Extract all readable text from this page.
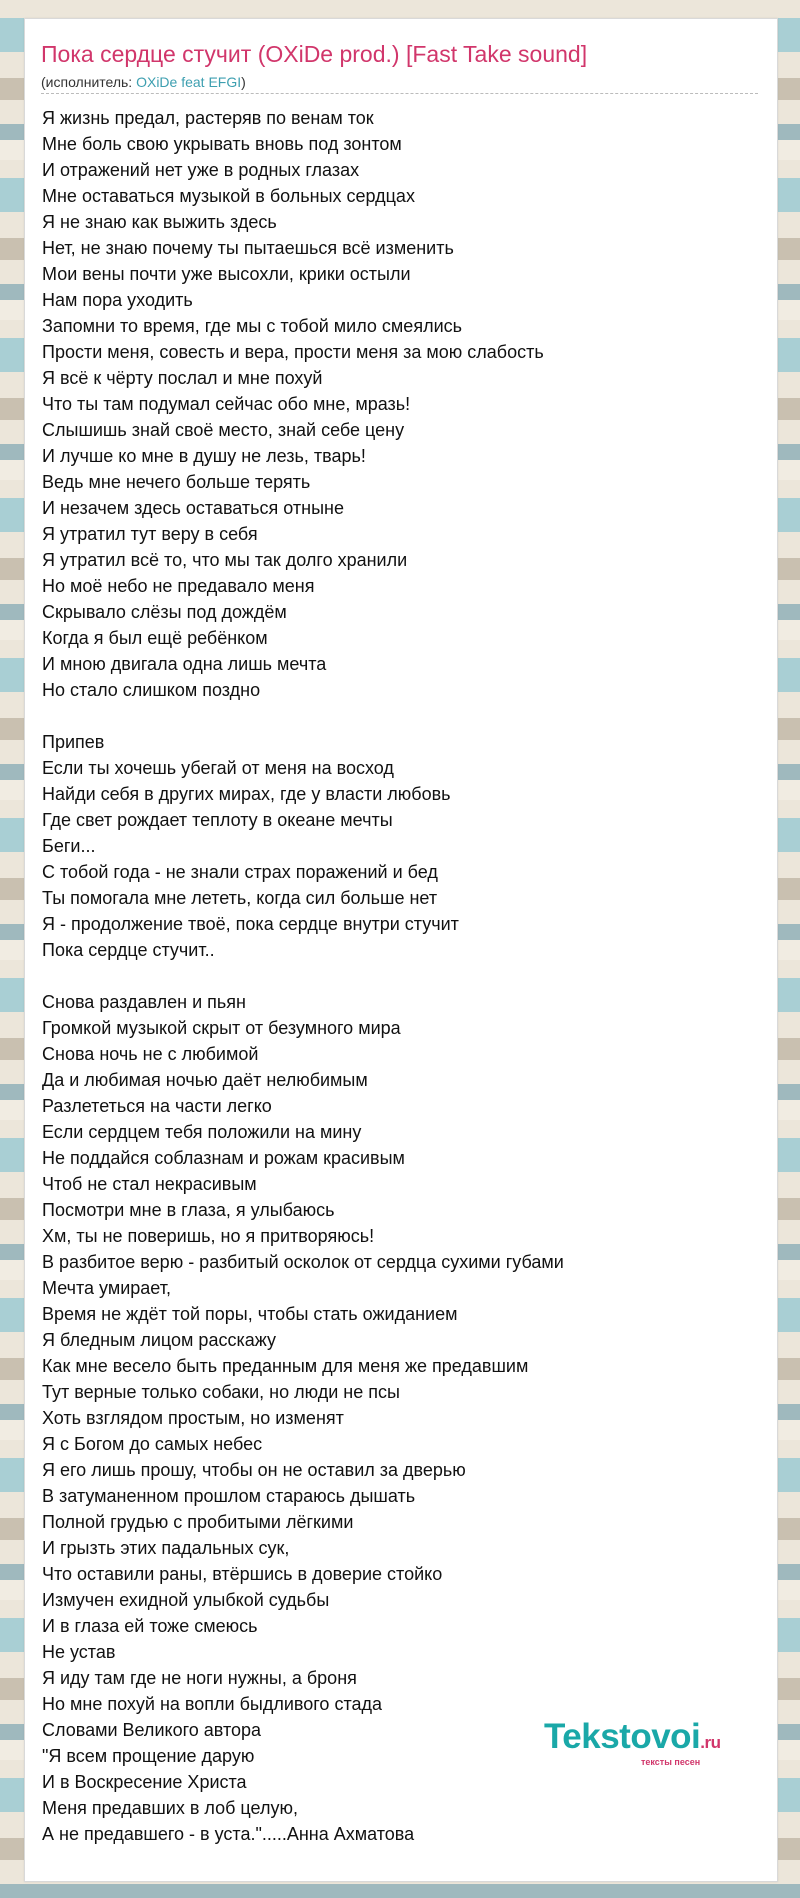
Пока сердце стучит (OXiDe prod.) [Fast Take sound]
(исполнитель: OXiDe feat EFGI)
Я жизнь предал, растеряв по венам ток
Мне боль свою укрывать вновь под зонтом
И отражений нет уже в родных глазах
Мне оставаться музыкой в больных сердцах
Я не знаю как выжить здесь
Нет, не знаю почему ты пытаешься всё изменить
Мои вены почти уже высохли, крики остыли
Нам пора уходить
Запомни то время, где мы с тобой мило смеялись
Прости меня, совесть и вера, прости меня за мою слабость
Я всё к чёрту послал и мне похуй
Что ты там подумал сейчас обо мне, мразь!
Слышишь знай своё место, знай себе цену
И лучше ко мне в душу не лезь, тварь!
Ведь мне нечего больше терять
И незачем здесь оставаться отныне
Я утратил тут веру в себя
Я утратил всё то, что мы так долго хранили
Но моё небо не предавало меня
Скрывало слёзы под дождём
Когда я был ещё ребёнком
И мною двигала одна лишь мечта
Но стало слишком поздно
Припев
Если ты хочешь убегай от меня на восход
Найди себя в других мирах, где у власти любовь
Где свет рождает теплоту в океане мечты
Беги...
С тобой года - не знали страх поражений и бед
Ты помогала мне лететь, когда сил больше нет
Я - продолжение твоё, пока сердце внутри стучит
Пока сердце стучит..
Снова раздавлен и пьян
Громкой музыкой скрыт от безумного мира
Снова ночь не с любимой
Да и любимая ночью даёт нелюбимым
Разлететься на части легко
Если сердцем тебя положили на мину
Не поддайся соблазнам и рожам красивым
Чтоб не стал некрасивым
Посмотри мне в глаза, я улыбаюсь
Хм, ты не поверишь, но я притворяюсь!
В разбитое верю - разбитый осколок от сердца сухими губами
Мечта умирает,
Время не ждёт той поры, чтобы стать ожиданием
Я бледным лицом расскажу
Как мне весело быть преданным для меня же предавшим
Тут верные только собаки, но люди не псы
Хоть взглядом простым, но изменят
Я с Богом до самых небес
Я его лишь прошу, чтобы он не оставил за дверью
В затуманенном прошлом стараюсь дышать
Полной грудью с пробитыми лёгкими
И грызть этих падальных сук,
Что оставили раны, втёршись в доверие стойко
Измучен ехидной улыбкой судьбы
И в глаза ей тоже смеюсь
Не устав
Я иду там где не ноги нужны, а броня
Но мне похуй на вопли быдливого стада
Словами Великого автора
"Я всем прощение дарую
И в Воскресение Христа
Меня предавших в лоб целую,
А не предавшего - в уста.".....Анна Ахматова
Tekstovoi.ru
тексты песен
